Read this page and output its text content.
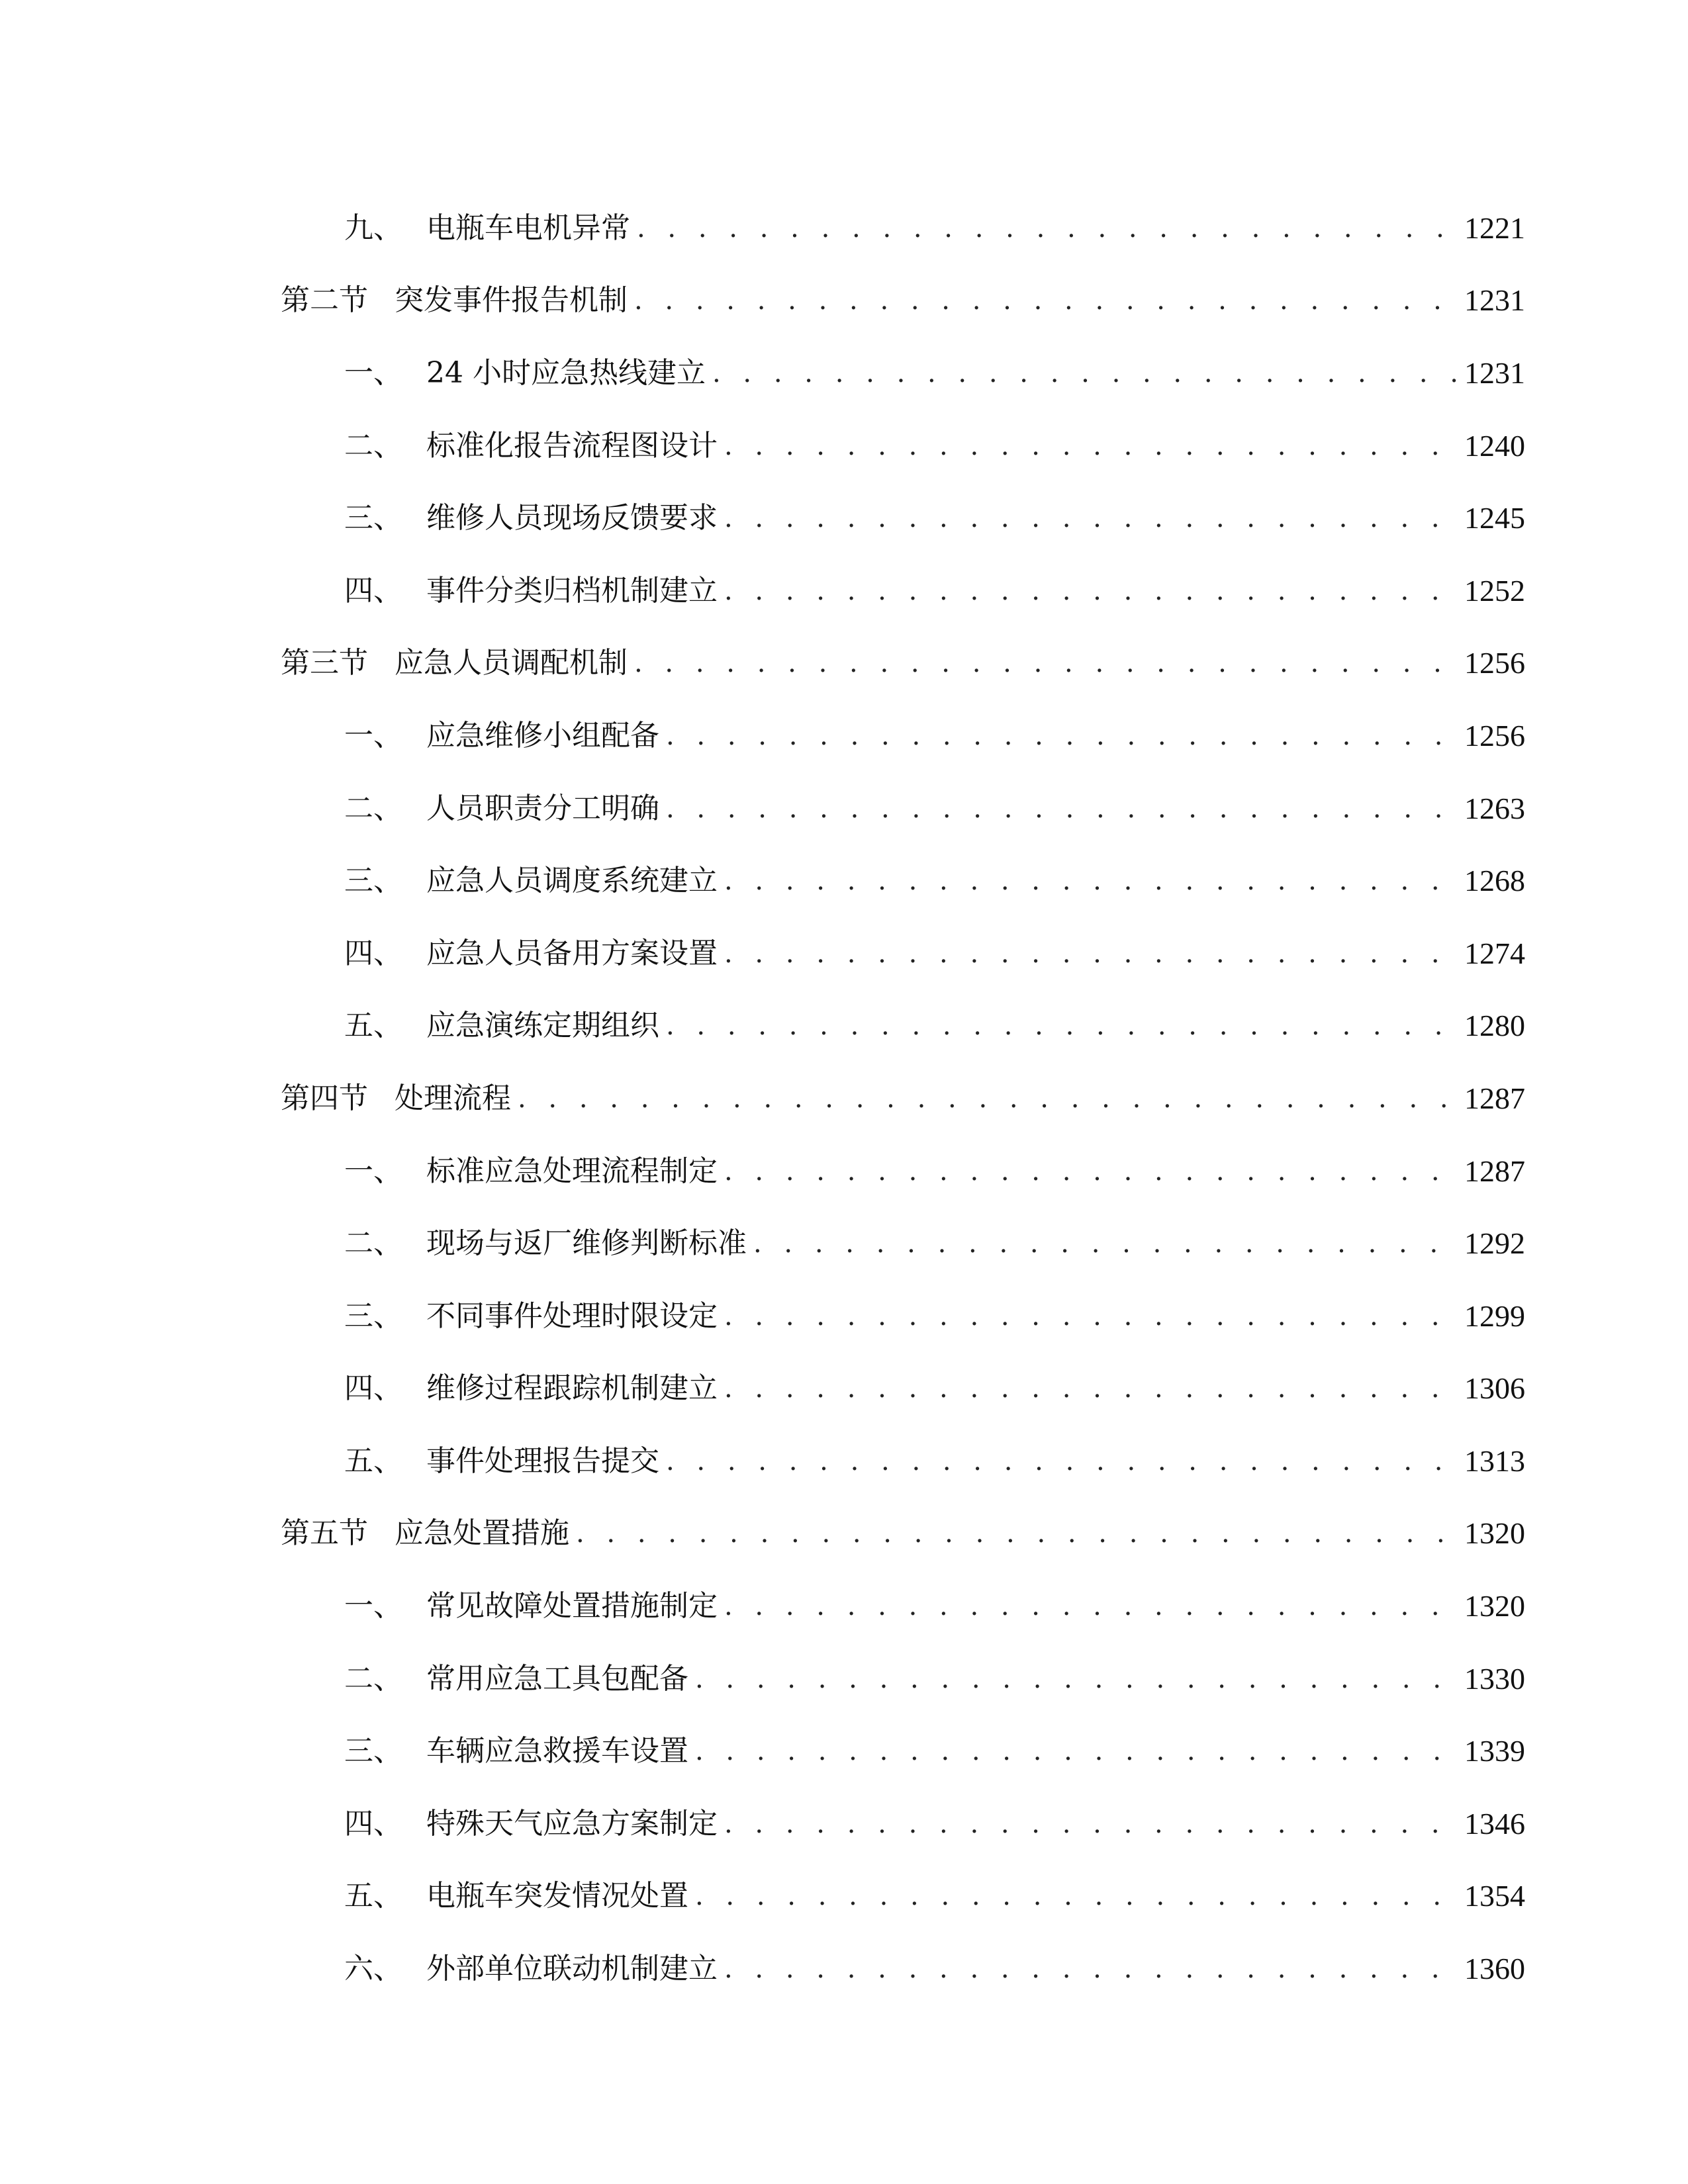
九、 电瓶车电机异常 . . .	1221
第二节 突发事件报告机制 . . .	1231
一、 24 小时应急热线建立 . . .	1231
二、 标准化报告流程图设计 . . .	1240
三、 维修人员现场反馈要求 . . .	1245
四、 事件分类归档机制建立 . . .	1252
第三节 应急人员调配机制 . . .	1256
一、 应急维修小组配备 . . .	1256
二、 人员职责分工明确 . . .	1263
三、 应急人员调度系统建立 . . .	1268
四、 应急人员备用方案设置 . . .	1274
五、 应急演练定期组织 . . .	1280
第四节 处理流程 . . .	1287
一、 标准应急处理流程制定 . . .	1287
二、 现场与返厂维修判断标准 . . .	1292
三、 不同事件处理时限设定 . . .	1299
四、 维修过程跟踪机制建立 . . .	1306
五、 事件处理报告提交 . . .	1313
第五节 应急处置措施 . . .	1320
一、 常见故障处置措施制定 . . .	1320
二、 常用应急工具包配备 . . .	1330
三、 车辆应急救援车设置 . . .	1339
四、 特殊天气应急方案制定 . . .	1346
五、 电瓶车突发情况处置 . . .	1354
六、 外部单位联动机制建立 . . .	1360
